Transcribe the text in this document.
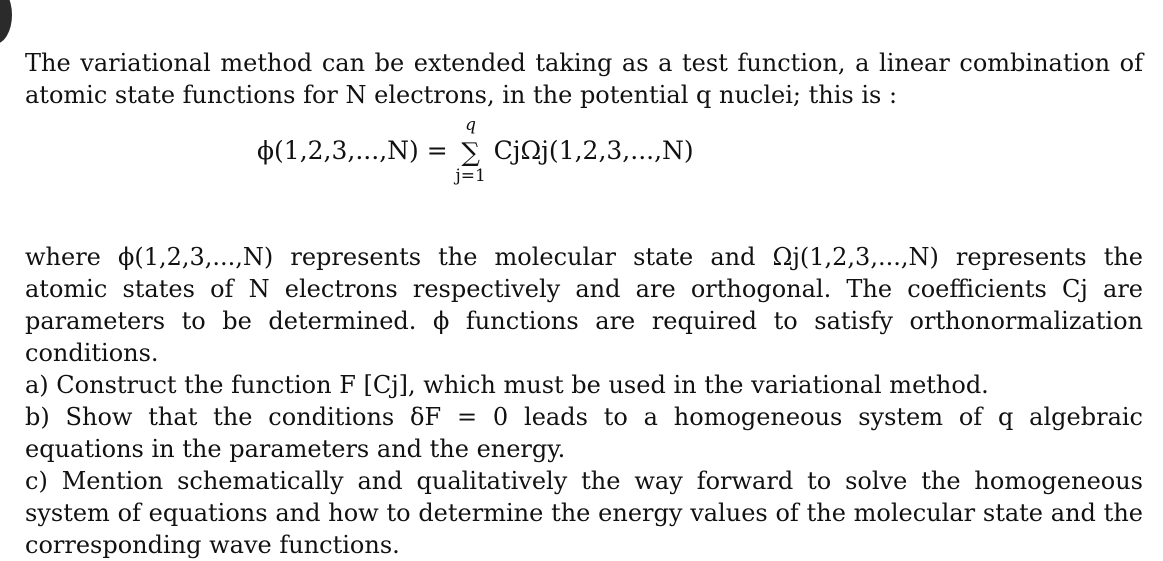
The variational method can be extended taking as a test function, a linear combination of atomic state functions for N electrons, in the potential q nuclei; this is :

ϕ(1,2,3,...,N) =
q
∑
j=1
CjΩj(1,2,3,...,N)

where ϕ(1,2,3,...,N) represents the molecular state and Ωj(1,2,3,...,N) represents the atomic states of N electrons respectively and are orthogonal. The coefficients Cj are parameters to be determined. ϕ functions are required to satisfy orthonormalization conditions.

a) Construct the function F [Cj], which must be used in the variational method.

b) Show that the conditions δF = 0 leads to a homogeneous system of q algebraic equations in the parameters and the energy.

c) Mention schematically and qualitatively the way forward to solve the homogeneous system of equations and how to determine the energy values of the molecular state and the corresponding wave functions.
